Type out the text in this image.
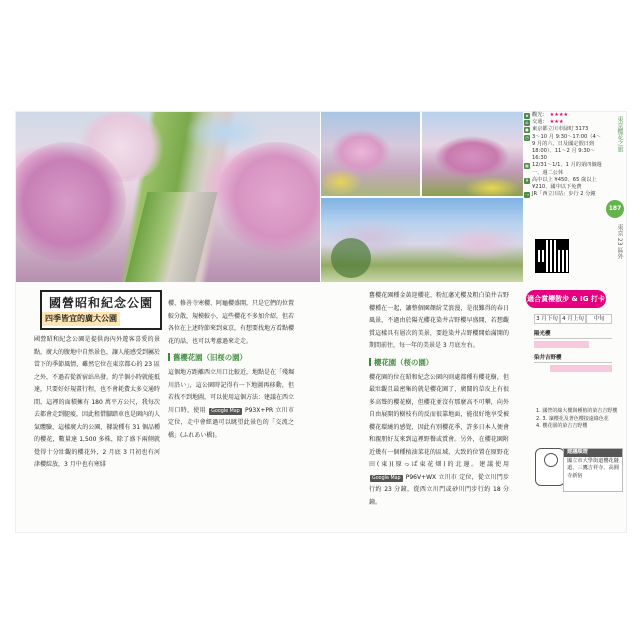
★ 觀光： ★★★★
🚆 交通： ★★★
● 東京都立川市緑町 3173
◷ 3～10 月 9:30～17:00（4～9 月的六、日及國定假日到 18:00）、11～2 月 9:30～16:30
▦ 12/31～1/1、1 月的第四個週一、週二公休
¥ 高中以上 ¥450、65 歲以上 ¥210、國中以下免費
⇢ JR「西立川站」步行 2 分鐘
東京櫻花之旅
187
東京 23 區外
國營昭和紀念公園
四季皆宜的廣大公園
國營昭和紀念公園是提供海內外遊客喜愛的景點，廣大的腹地中自然景色，讓人能感受到屬於當下的季節風情，雖然它位在東京都心的 23 區之外，不過若從新宿站出發，約半個小時就能抵達，只要好好規畫行程，也不會耗費太多交通時間。這裡的面積擁有 180 萬平方公尺，我每次去都會走到腿痠，因此租借腳踏車也是園內的人氣體驗，這樣廣大的公園，據說種有 31 個品種的櫻花，數量達 1,500 多株，除了盛下兩側就覺得十分壯觀的櫻花外，2 月底 3 月初也有河津櫻綻放，3 月中也有寒緋
櫻、修善寺寒櫻、阿龜櫻盛開，只是它們的位置較分散，規模較小，這些櫻花不多加介紹，但若各位在上述時節來到東京，有想要找地方看點櫻花的話，也可以考慮過來走走。
舊櫻花園（旧桜の園）
這個地方距離西立川口比較近，地點是在「殘堀川沿い」，這公園時記得有一下地圖再移動，但若找不到地圖，可以使用這個方法：建議在西立川口時，使用 Google Map P93X+PR 立川市 定位，走中會經過可以眺望此景色的「交流之橋」(ふれあい橋)。
舊櫻花園種金黃迎櫻花、粉紅藩光櫻及粗白染井吉野櫻種在一起，讓整個園顏紛艾浪漫，是很難得的春日風景，不過由於陽光櫻花染井吉野櫻早盛開，若想觀賞這樣具有層次的美景，要趁染井吉野櫻開始滿開的期間前往，每一年的美景是 3 月底左右。
櫻花園（桜の園）
櫻花園的位在昭和紀念公園內則處都種有櫻花樹，但最壯觀且最密集的就是櫻花園了，廣闊的草皮上有很多高聳的櫻花樹，但櫻花並沒有那麼高不可攀，向外自由展開的樹枝有的反而很靠地面，能很好地享受被櫻花環繞的感覺，因此有別櫻花季，許多日本人便會和親朋好友來到這裡野餐或賞會。另外，在櫻花園附近幾有一個種植油菜花的區域，大致的位置在原野花田(東)(原っぱ東花畑)的北邊。建議使用 Google Map P96V+WX 立川市 定位，從立川門步行約 23 分鐘，從西立川門或砂川門步行約 18 分鐘。
適合賞櫻散步 & IG 打卡
3 月下旬 4 月上旬	中旬
陽光櫻
染井吉野櫻
1. 國營的綠大樓與種植的染吉吉野櫻
2. 3. 凜櫻花及著色櫻接遠綠色花
4. 櫻花園的染吉吉野櫻
建議順遊
國立市大學街道櫻花隧道、三鷹吉祥寺、高圓寺新宿
